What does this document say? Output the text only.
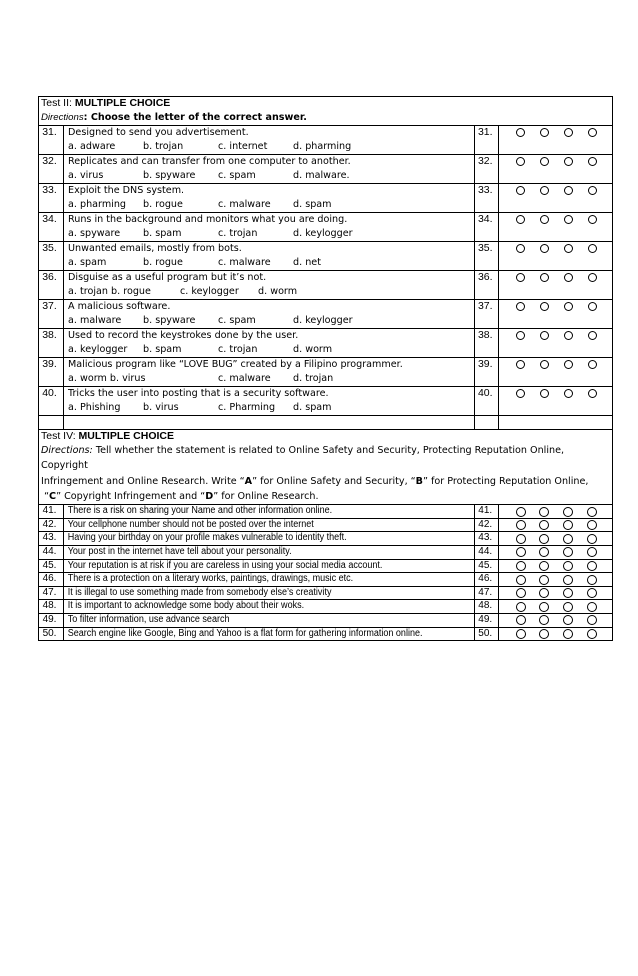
Test II: MULTIPLE CHOICE
Directions: Choose the letter of the correct answer.			

31.	Designed to send you advertisement.
a. adware b. trojan c. internet d. pharming	31.	

32.	Replicates and can transfer from one computer to another.
a. virus b. spyware c. spam d. malware.	32.	

33.	Exploit the DNS system.
a. pharming b. rogue c. malware d. spam	33.	

34.	Runs in the background and monitors what you are doing.
a. spyware b. spam c. trojan d. keylogger	34.	

35.	Unwanted emails, mostly from bots.
a. spam b. rogue c. malware d. net	35.	

36.	Disguise as a useful program but it’s not.
a. trojan b. rogue c. keylogger d. worm	36.	

37.	A malicious software.
a. malware b. spyware c. spam d. keylogger	37.	

38.	Used to record the keystrokes done by the user.
a. keylogger b. spam c. trojan d. worm	38.	

39.	Malicious program like “LOVE BUG” created by a Filipino programmer.
a. worm b. virus c. malware d. trojan	39.	

40.	Tricks the user into posting that is a security software.
a. Phishing b. virus c. Pharming d. spam	40.	

Test IV: MULTIPLE CHOICE
Directions: Tell whether the statement is related to Online Safety and Security, Protecting Reputation Online, Copyright
Infringement and Online Research. Write “A” for Online Safety and Security, “B” for Protecting Reputation Online,
“C” Copyright Infringement and “D” for Online Research.			

41.	There is a risk on sharing your Name and other information online.	41.	

42.	Your cellphone number should not be posted over the internet	42.	

43.	Having your birthday on your profile makes vulnerable to identity theft.	43.	

44.	Your post in the internet have tell about your personality.	44.	

45.	Your reputation is at risk if you are careless in using your social media account.	45.	

46.	There is a protection on a literary works, paintings, drawings, music etc.	46.	

47.	It is illegal to use something made from somebody else’s creativity	47.	

48.	It is important to acknowledge some body about their woks.	48.	

49.	To filter information, use advance search	49.	

50.	Search engine like Google, Bing and Yahoo is a flat form for gathering information online.	50.	
